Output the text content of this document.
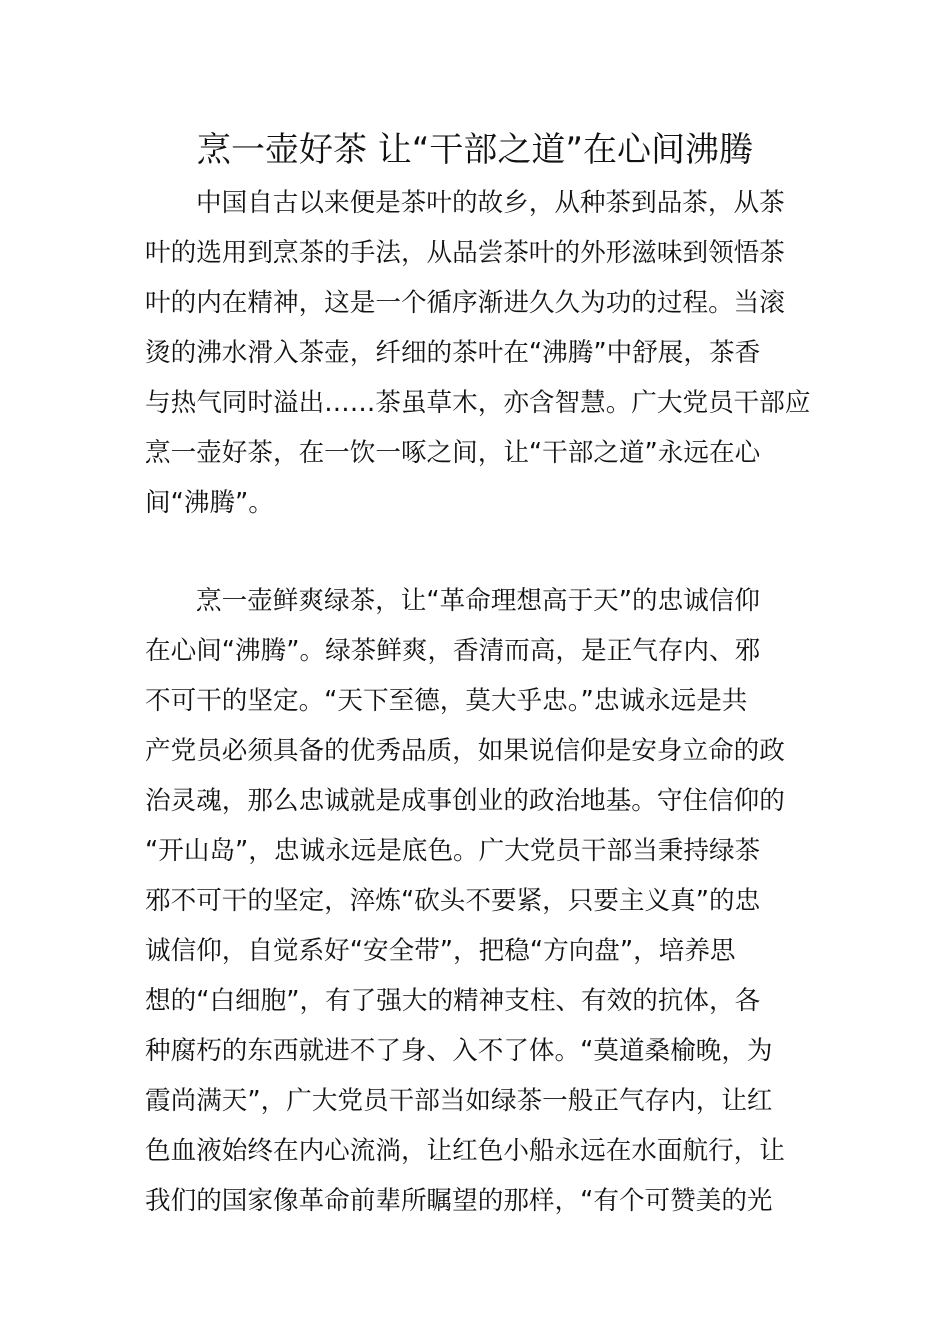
烹一壶好茶 让“干部之道”在心间沸腾
中国自古以来便是茶叶的故乡，从种茶到品茶，从茶
叶的选用到烹茶的手法，从品尝茶叶的外形滋味到领悟茶
叶的内在精神，这是一个循序渐进久久为功的过程。当滚
烫的沸水滑入茶壶，纤细的茶叶在“沸腾”中舒展，茶香
与热气同时溢出……茶虽草木，亦含智慧。广大党员干部应
烹一壶好茶，在一饮一啄之间，让“干部之道”永远在心
间“沸腾”。
烹一壶鲜爽绿茶，让“革命理想高于天”的忠诚信仰
在心间“沸腾”。绿茶鲜爽，香清而高，是正气存内、邪
不可干的坚定。“天下至德，莫大乎忠。”忠诚永远是共
产党员必须具备的优秀品质，如果说信仰是安身立命的政
治灵魂，那么忠诚就是成事创业的政治地基。守住信仰的
“开山岛”，忠诚永远是底色。广大党员干部当秉持绿茶
邪不可干的坚定，淬炼“砍头不要紧，只要主义真”的忠
诚信仰，自觉系好“安全带”，把稳“方向盘”，培养思
想的“白细胞”，有了强大的精神支柱、有效的抗体，各
种腐朽的东西就进不了身、入不了体。“莫道桑榆晚，为
霞尚满天”，广大党员干部当如绿茶一般正气存内，让红
色血液始终在内心流淌，让红色小船永远在水面航行，让
我们的国家像革命前辈所瞩望的那样，“有个可赞美的光
